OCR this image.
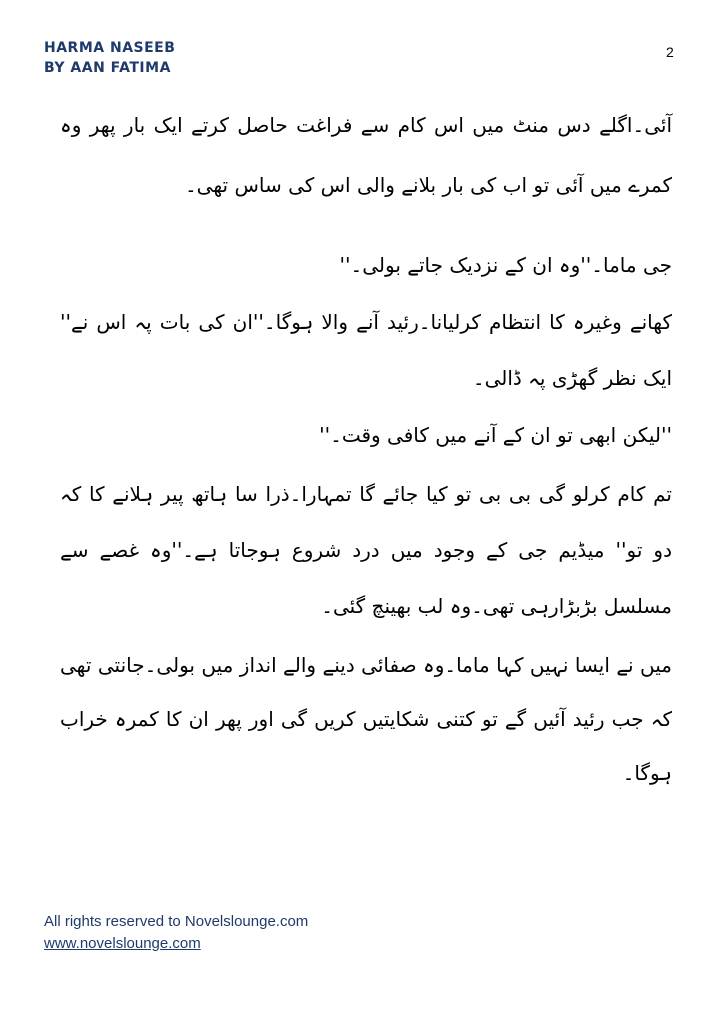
HARMA NASEEB
BY AAN FATIMA
2

آئی۔اگلے دس منٹ میں اس کام سے فراغت حاصل کرتے ایک بار پھر وہ کمرے میں آئی تو اب کی بار بلانے والی اس کی ساس تھی۔

جی ماما۔''وہ ان کے نزدیک جاتے بولی۔''

کھانے وغیرہ کا انتظام کرلیانا۔رئید آنے والا ہوگا۔''ان کی بات پہ اس نے'' ایک نظر گھڑی پہ ڈالی۔

''لیکن ابھی تو ان کے آنے میں کافی وقت۔''

تم کام کرلو گی بی بی تو کیا جائے گا تمہارا۔ذرا سا ہاتھ پیر ہلانے کا کہ دو تو'' میڈیم جی کے وجود میں درد شروع ہوجاتا ہے۔''وہ غصے سے مسلسل بڑبڑارہی تھی۔وہ لب بھینچ گئی۔

میں نے ایسا نہیں کہا ماما۔وہ صفائی دینے والے انداز میں بولی۔جانتی تھی کہ جب رئید آئیں گے تو کتنی شکایتیں کریں گی اور پھر ان کا کمرہ خراب ہوگا۔

All rights reserved to Novelslounge.com
www.novelslounge.com
